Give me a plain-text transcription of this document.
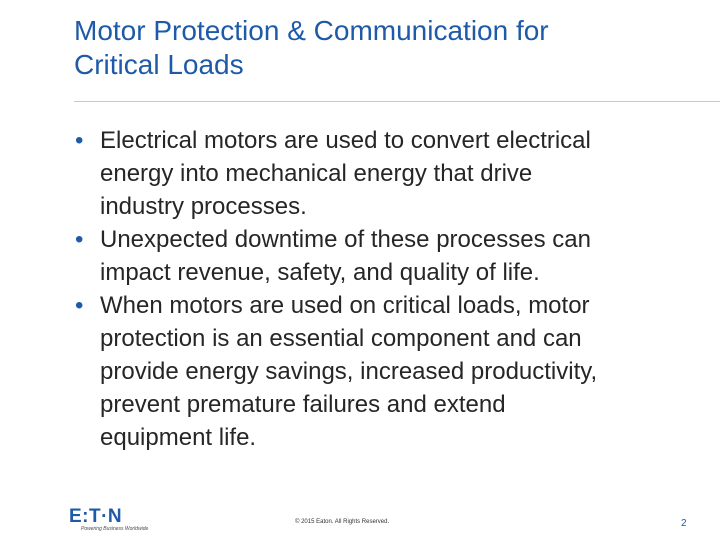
Motor Protection & Communication for
Critical Loads
• Electrical motors are used to convert electrical
energy into mechanical energy that drive
industry processes.
• Unexpected downtime of these processes can
impact revenue, safety, and quality of life.
• When motors are used on critical loads, motor
protection is an essential component and can
provide energy savings, increased productivity,
prevent premature failures and extend
equipment life.
E:T·N
Powering Business Worldwide
© 2015 Eaton. All Rights Reserved.	2
